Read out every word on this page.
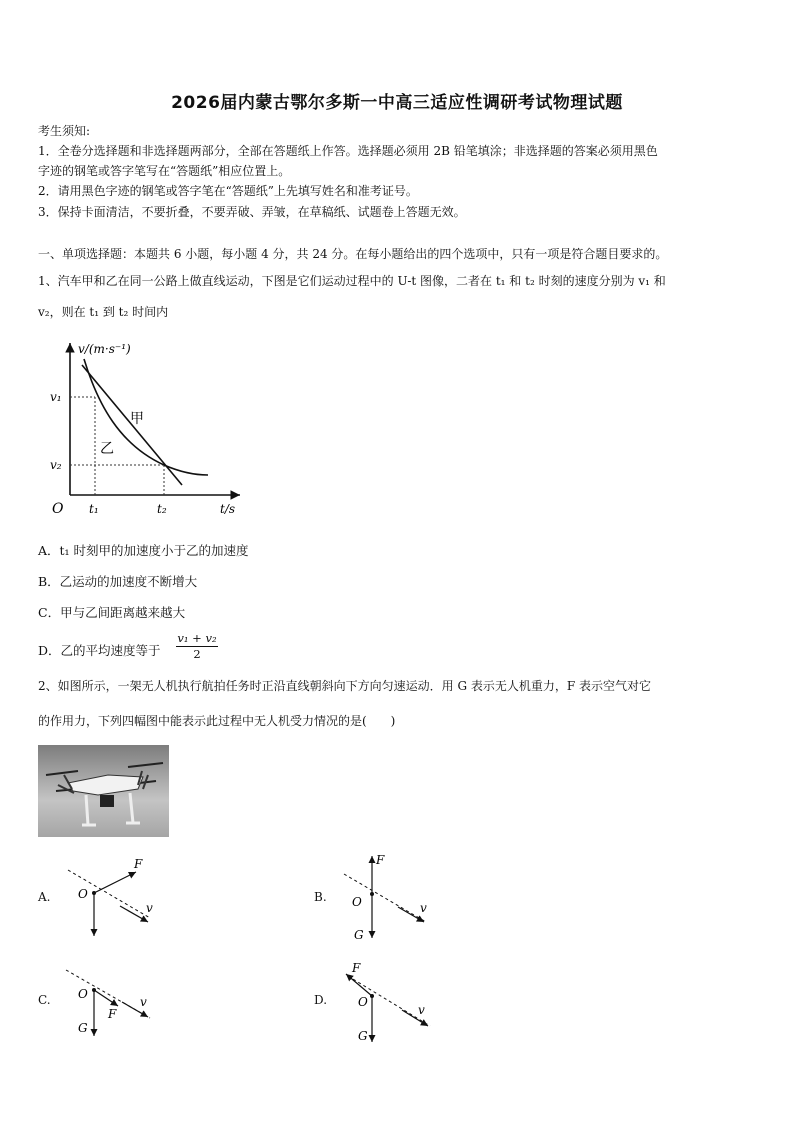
2026届内蒙古鄂尔多斯一中高三适应性调研考试物理试题
考生须知:
1．全卷分选择题和非选择题两部分，全部在答题纸上作答。选择题必须用 2B 铅笔填涂；非选择题的答案必须用黑色
字迹的钢笔或答字笔写在“答题纸”相应位置上。
2．请用黑色字迹的钢笔或答字笔在“答题纸”上先填写姓名和准考证号。
3．保持卡面清洁，不要折叠，不要弄破、弄皱，在草稿纸、试题卷上答题无效。
一、单项选择题：本题共 6 小题，每小题 4 分，共 24 分。在每小题给出的四个选项中，只有一项是符合题目要求的。
1、汽车甲和乙在同一公路上做直线运动，下图是它们运动过程中的 U-t 图像，二者在 t₁ 和 t₂ 时刻的速度分别为 v₁ 和
v₂，则在 t₁ 到 t₂ 时间内
v/(m·s⁻¹)
t/s
O
v₁
v₂
t₁	t₂
甲
乙
A．t₁ 时刻甲的加速度小于乙的加速度
B．乙运动的加速度不断增大
C．甲与乙间距离越来越大
D．乙的平均速度等于 $\frac{\text{v₁ + v₂}}{2}$
2、如图所示，一架无人机执行航拍任务时正沿直线朝斜向下方向匀速运动．用 G 表示无人机重力，F 表示空气对它
的作用力，下列四幅图中能表示此过程中无人机受力情况的是(　　)
A.
F
O
v
B.
F
O	v
G
C. O
F
v
G
D.
F
O
v
G
